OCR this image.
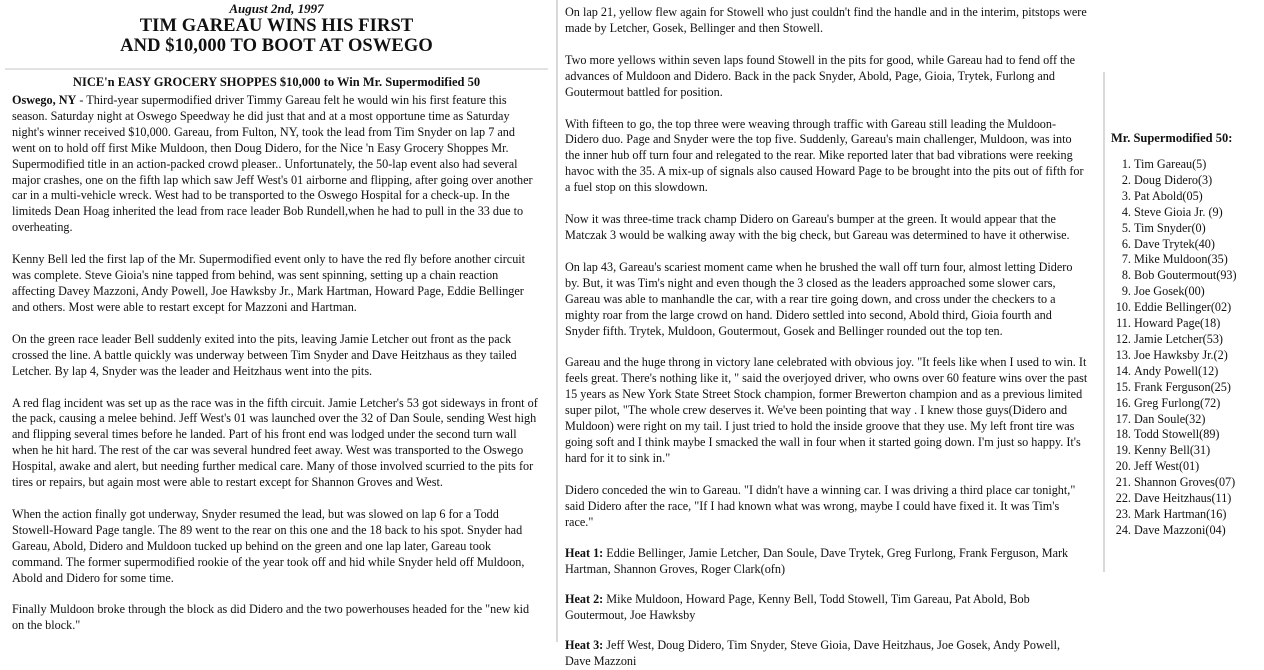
August 2nd, 1997
TIM GAREAU WINS HIS FIRST
AND $10,000 TO BOOT AT OSWEGO
NICE'n EASY GROCERY SHOPPES $10,000 to Win Mr. Supermodified 50

Oswego, NY - Third-year supermodified driver Timmy Gareau felt he would win his first feature this season. Saturday night at Oswego Speedway he did just that and at a most opportune time as Saturday night's winner received $10,000. Gareau, from Fulton, NY, took the lead from Tim Snyder on lap 7 and went on to hold off first Mike Muldoon, then Doug Didero, for the Nice 'n Easy Grocery Shoppes Mr. Supermodified title in an action-packed crowd pleaser.. Unfortunately, the 50-lap event also had several major crashes, one on the fifth lap which saw Jeff West's 01 airborne and flipping, after going over another car in a multi-vehicle wreck. West had to be transported to the Oswego Hospital for a check-up. In the limiteds Dean Hoag inherited the lead from race leader Bob Rundell,when he had to pull in the 33 due to overheating.

Kenny Bell led the first lap of the Mr. Supermodified event only to have the red fly before another circuit was complete. Steve Gioia's nine tapped from behind, was sent spinning, setting up a chain reaction affecting Davey Mazzoni, Andy Powell, Joe Hawksby Jr., Mark Hartman, Howard Page, Eddie Bellinger and others. Most were able to restart except for Mazzoni and Hartman.

On the green race leader Bell suddenly exited into the pits, leaving Jamie Letcher out front as the pack crossed the line. A battle quickly was underway between Tim Snyder and Dave Heitzhaus as they tailed Letcher. By lap 4, Snyder was the leader and Heitzhaus went into the pits.

A red flag incident was set up as the race was in the fifth circuit. Jamie Letcher's 53 got sideways in front of the pack, causing a melee behind. Jeff West's 01 was launched over the 32 of Dan Soule, sending West high and flipping several times before he landed. Part of his front end was lodged under the second turn wall when he hit hard. The rest of the car was several hundred feet away. West was transported to the Oswego Hospital, awake and alert, but needing further medical care. Many of those involved scurried to the pits for tires or repairs, but again most were able to restart except for Shannon Groves and West.

When the action finally got underway, Snyder resumed the lead, but was slowed on lap 6 for a Todd Stowell-Howard Page tangle. The 89 went to the rear on this one and the 18 back to his spot. Snyder had Gareau, Abold, Didero and Muldoon tucked up behind on the green and one lap later, Gareau took command. The former supermodified rookie of the year took off and hid while Snyder held off Muldoon, Abold and Didero for some time.

Finally Muldoon broke through the block as did Didero and the two powerhouses headed for the "new kid on the block."

On lap 21, yellow flew again for Stowell who just couldn't find the handle and in the interim, pitstops were made by Letcher, Gosek, Bellinger and then Stowell.

Two more yellows within seven laps found Stowell in the pits for good, while Gareau had to fend off the advances of Muldoon and Didero. Back in the pack Snyder, Abold, Page, Gioia, Trytek, Furlong and Goutermout battled for position.

With fifteen to go, the top three were weaving through traffic with Gareau still leading the Muldoon-Didero duo. Page and Snyder were the top five. Suddenly, Gareau's main challenger, Muldoon, was into the inner hub off turn four and relegated to the rear. Mike reported later that bad vibrations were reeking havoc with the 35. A mix-up of signals also caused Howard Page to be brought into the pits out of fifth for a fuel stop on this slowdown.

Now it was three-time track champ Didero on Gareau's bumper at the green. It would appear that the Matczak 3 would be walking away with the big check, but Gareau was determined to have it otherwise.

On lap 43, Gareau's scariest moment came when he brushed the wall off turn four, almost letting Didero by. But, it was Tim's night and even though the 3 closed as the leaders approached some slower cars, Gareau was able to manhandle the car, with a rear tire going down, and cross under the checkers to a mighty roar from the large crowd on hand. Didero settled into second, Abold third, Gioia fourth and Snyder fifth. Trytek, Muldoon, Goutermout, Gosek and Bellinger rounded out the top ten.

Gareau and the huge throng in victory lane celebrated with obvious joy. "It feels like when I used to win. It feels great. There's nothing like it, " said the overjoyed driver, who owns over 60 feature wins over the past 15 years as New York State Street Stock champion, former Brewerton champion and as a previous limited super pilot, "The whole crew deserves it. We've been pointing that way . I knew those guys(Didero and Muldoon) were right on my tail. I just tried to hold the inside groove that they use. My left front tire was going soft and I think maybe I smacked the wall in four when it started going down. I'm just so happy. It's hard for it to sink in."

Didero conceded the win to Gareau. "I didn't have a winning car. I was driving a third place car tonight," said Didero after the race, "If I had known what was wrong, maybe I could have fixed it. It was Tim's race."

Heat 1: Eddie Bellinger, Jamie Letcher, Dan Soule, Dave Trytek, Greg Furlong, Frank Ferguson, Mark Hartman, Shannon Groves, Roger Clark(ofn)

Heat 2: Mike Muldoon, Howard Page, Kenny Bell, Todd Stowell, Tim Gareau, Pat Abold, Bob Goutermout, Joe Hawksby

Heat 3: Jeff West, Doug Didero, Tim Snyder, Steve Gioia, Dave Heitzhaus, Joe Gosek, Andy Powell, Dave Mazzoni

Mr. Supermodified 50:
1. Tim Gareau(5)
2. Doug Didero(3)
3. Pat Abold(05)
4. Steve Gioia Jr. (9)
5. Tim Snyder(0)
6. Dave Trytek(40)
7. Mike Muldoon(35)
8. Bob Goutermout(93)
9. Joe Gosek(00)
10. Eddie Bellinger(02)
11. Howard Page(18)
12. Jamie Letcher(53)
13. Joe Hawksby Jr.(2)
14. Andy Powell(12)
15. Frank Ferguson(25)
16. Greg Furlong(72)
17. Dan Soule(32)
18. Todd Stowell(89)
19. Kenny Bell(31)
20. Jeff West(01)
21. Shannon Groves(07)
22. Dave Heitzhaus(11)
23. Mark Hartman(16)
24. Dave Mazzoni(04)
